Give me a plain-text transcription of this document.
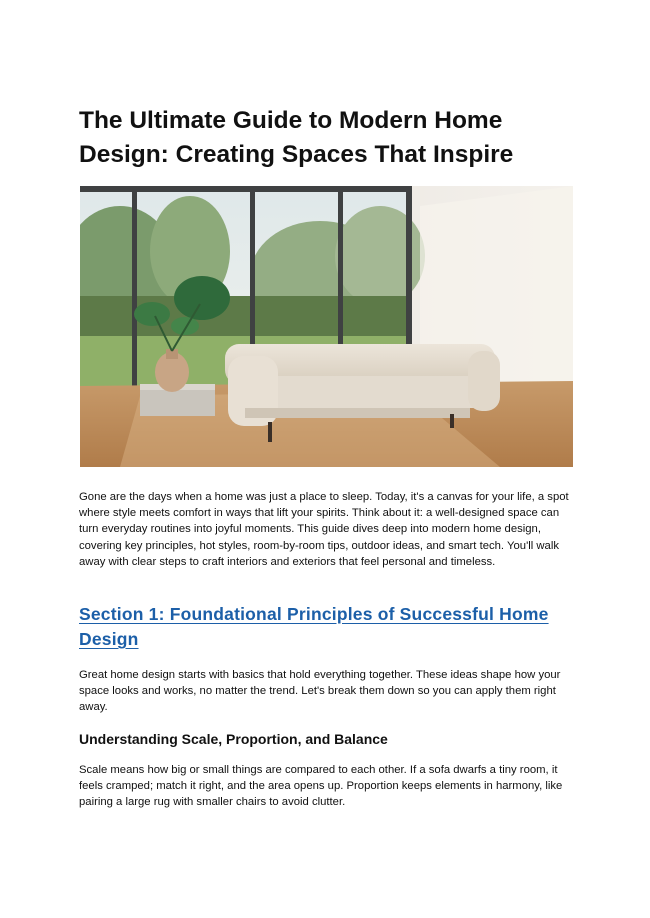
The Ultimate Guide to Modern Home Design: Creating Spaces That Inspire

Gone are the days when a home was just a place to sleep. Today, it's a canvas for your life, a spot where style meets comfort in ways that lift your spirits. Think about it: a well-designed space can turn everyday routines into joyful moments. This guide dives deep into modern home design, covering key principles, hot styles, room-by-room tips, outdoor ideas, and smart tech. You'll walk away with clear steps to craft interiors and exteriors that feel personal and timeless.

Section 1: Foundational Principles of Successful Home Design

Great home design starts with basics that hold everything together. These ideas shape how your space looks and works, no matter the trend. Let's break them down so you can apply them right away.

Understanding Scale, Proportion, and Balance

Scale means how big or small things are compared to each other. If a sofa dwarfs a tiny room, it feels cramped; match it right, and the area opens up. Proportion keeps elements in harmony, like pairing a large rug with smaller chairs to avoid clutter.
